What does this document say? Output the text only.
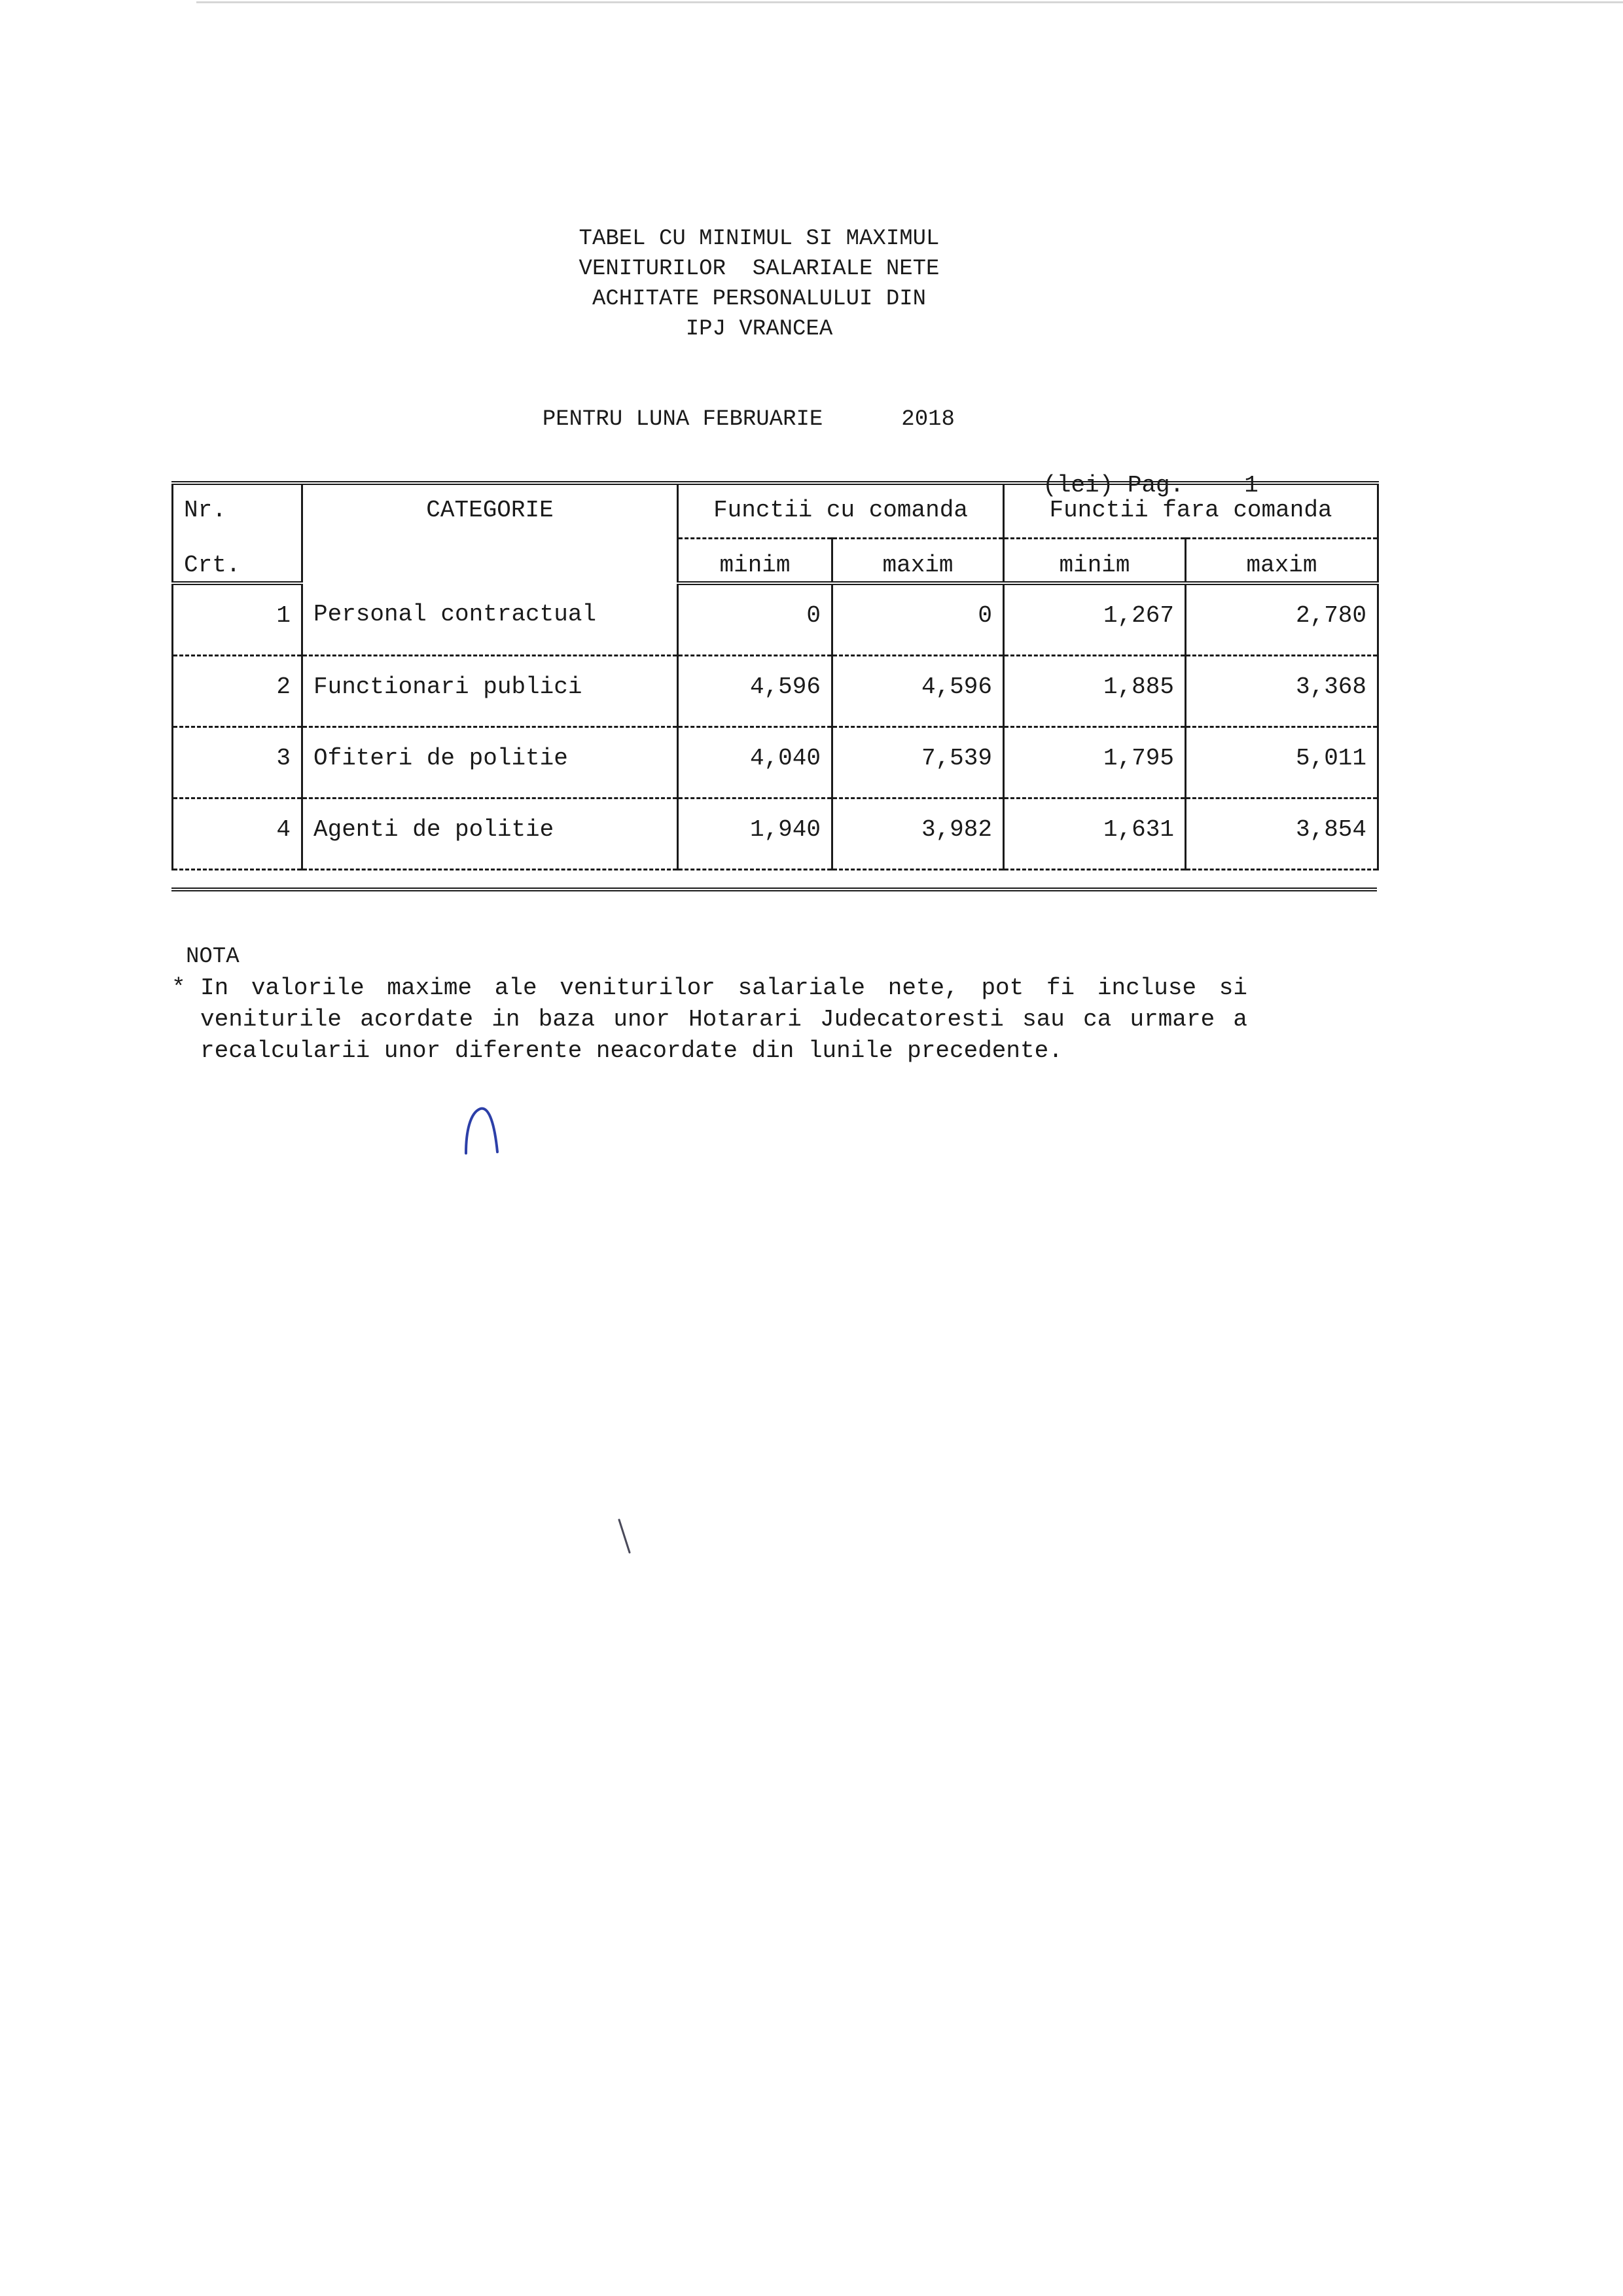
TABEL CU MINIMUL SI MAXIMUL
VENITURILOR  SALARIALE NETE
ACHITATE PERSONALULUI DIN
IPJ VRANCEA

PENTRU LUNA FEBRUARIE	2018

(lei) Pag.	1

Nr.	CATEGORIE	Functii cu comanda		Functii fara comanda	
Crt.		minim	maxim	minim	maxim
1	Personal contractual	0	0	1,267	2,780
2	Functionari publici	4,596	4,596	1,885	3,368
3	Ofiteri de politie	4,040	7,539	1,795	5,011
4	Agenti de politie	1,940	3,982	1,631	3,854
NOTA
* In valorile maxime ale veniturilor salariale nete, pot fi incluse si veniturile acordate in baza unor Hotarari Judecatoresti sau ca urmare a recalcularii unor diferente neacordate din lunile precedente.
